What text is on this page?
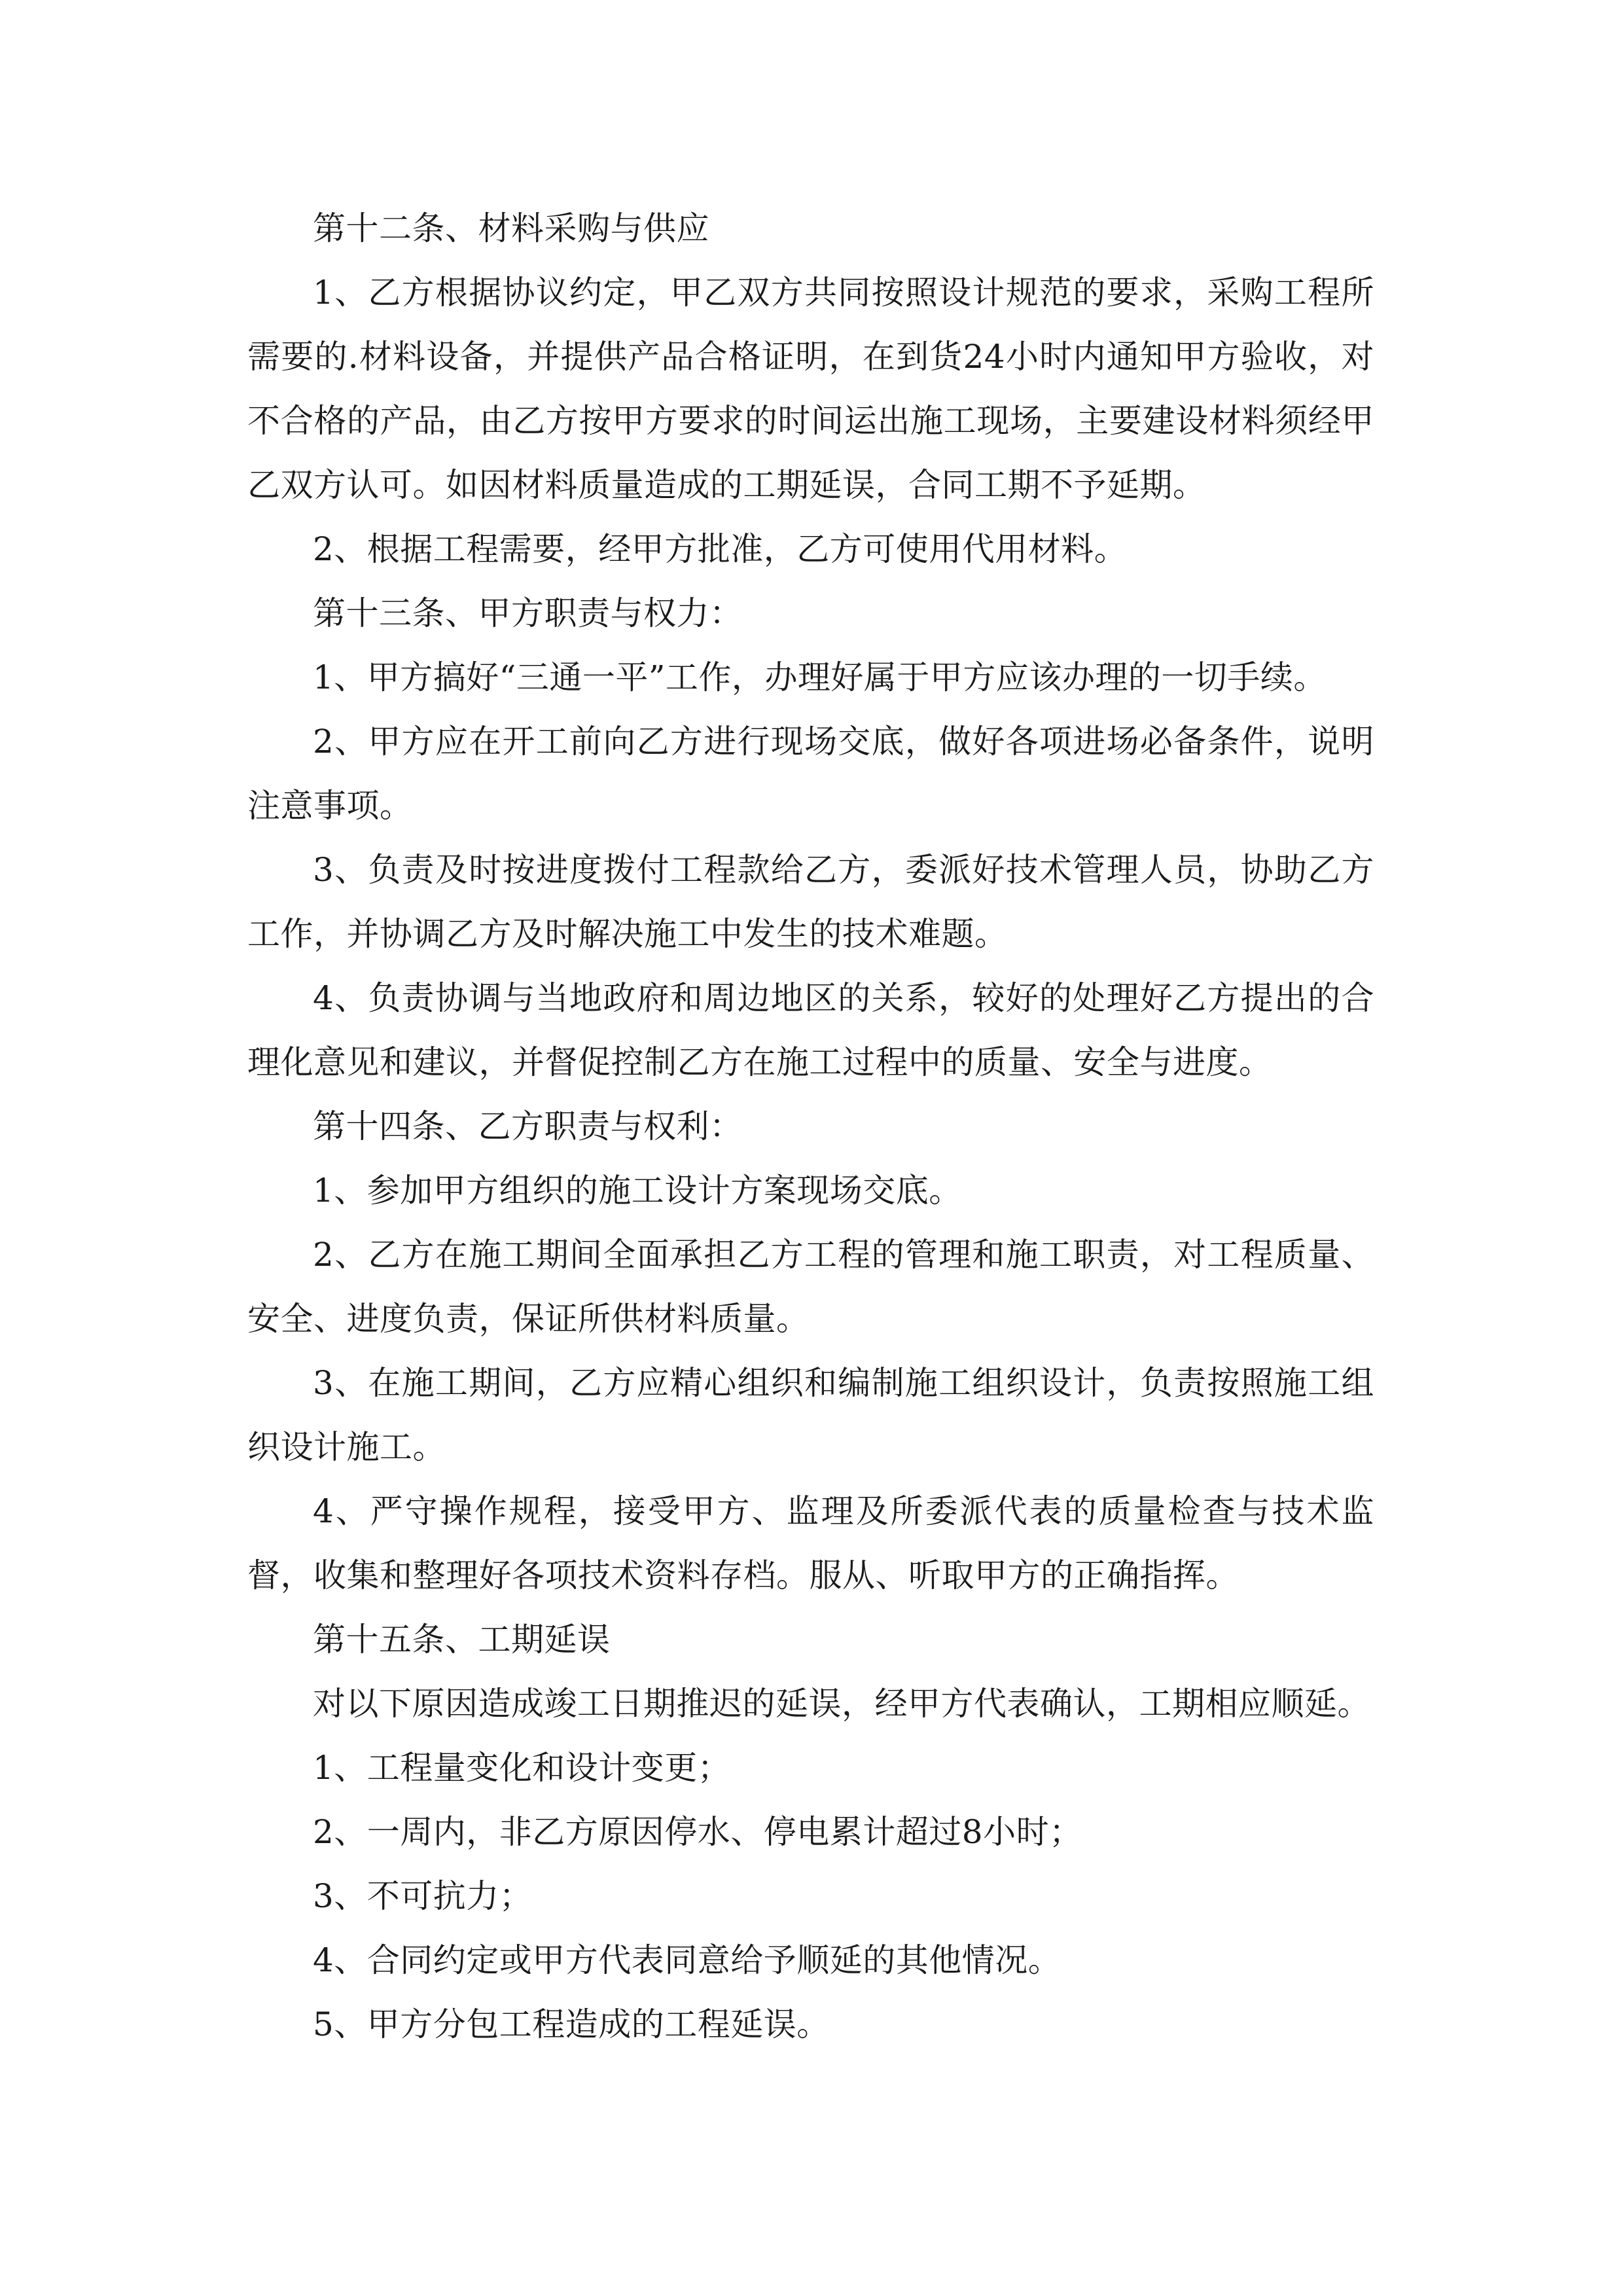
第十二条、材料采购与供应

1、乙方根据协议约定，甲乙双方共同按照设计规范的要求，采购工程所需要的.材料设备，并提供产品合格证明，在到货24小时内通知甲方验收，对不合格的产品，由乙方按甲方要求的时间运出施工现场，主要建设材料须经甲乙双方认可。如因材料质量造成的工期延误，合同工期不予延期。

2、根据工程需要，经甲方批准，乙方可使用代用材料。

第十三条、甲方职责与权力：

1、甲方搞好“三通一平”工作，办理好属于甲方应该办理的一切手续。

2、甲方应在开工前向乙方进行现场交底，做好各项进场必备条件，说明注意事项。

3、负责及时按进度拨付工程款给乙方，委派好技术管理人员，协助乙方工作，并协调乙方及时解决施工中发生的技术难题。

4、负责协调与当地政府和周边地区的关系，较好的处理好乙方提出的合理化意见和建议，并督促控制乙方在施工过程中的质量、安全与进度。

第十四条、乙方职责与权利：

1、参加甲方组织的施工设计方案现场交底。

2、乙方在施工期间全面承担乙方工程的管理和施工职责，对工程质量、安全、进度负责，保证所供材料质量。

3、在施工期间，乙方应精心组织和编制施工组织设计，负责按照施工组织设计施工。

4、严守操作规程，接受甲方、监理及所委派代表的质量检查与技术监督，收集和整理好各项技术资料存档。服从、听取甲方的正确指挥。

第十五条、工期延误

对以下原因造成竣工日期推迟的延误，经甲方代表确认，工期相应顺延。

1、工程量变化和设计变更；

2、一周内，非乙方原因停水、停电累计超过8小时；

3、不可抗力；

4、合同约定或甲方代表同意给予顺延的其他情况。

5、甲方分包工程造成的工程延误。
